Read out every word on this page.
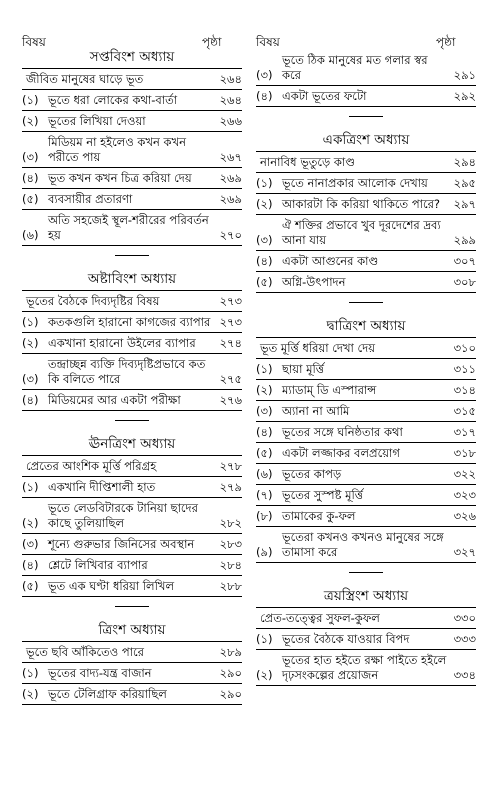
বিষয়	পৃষ্ঠা	বিষয়	পৃষ্ঠা
সপ্তবিংশ অধ্যায়
জীবিত মানুষের ঘাড়ে ভূত	২৬৪
(১) ভূতে ধরা লোকের কথা-বার্তা	২৬৪
(২) ভূতের লিখিয়া দেওয়া	২৬৬
(৩)
মিডিয়ম না হইলেও কখন কখন পরীতে পায়	২৬৭
(৪) ভূত কখন কখন চিত্র করিয়া দেয়	২৬৯
(৫) ব্যবসায়ীর প্রতারণা	২৬৯
(৬)
অতি সহজেই স্থূল-শরীরের পরিবর্তন হয়	২৭০
অষ্টাবিংশ অধ্যায়
ভূতের বৈঠকে দিব্যদৃষ্টির বিষয়	২৭৩
(১) কতকগুলি হারানো কাগজের ব্যাপার ২৭৩
(২) একখানা হারানো উইলের ব্যাপার	২৭৪
(৩)
তন্দ্রাচ্ছন্ন ব্যক্তি দিব্যদৃষ্টিপ্রভাবে কত কি বলিতে পারে	২৭৫
(৪) মিডিয়মের আর একটা পরীক্ষা	২৭৬
ঊনত্রিংশ অধ্যায়
প্রেতের আংশিক মূর্ত্তি পরিগ্রহ	২৭৮
(১) একখানি দীপ্তিশালী হাত	২৭৯
(২)
ভূতে লেডবিটারকে টানিয়া ছাদের কাছে তুলিয়াছিল	২৮২
(৩) শূন্যে গুরুভার জিনিসের অবস্থান	২৮৩
(৪) শ্লেটে লিখিবার ব্যাপার	২৮৪
(৫) ভূত এক ঘণ্টা ধরিয়া লিখিল	২৮৮
ত্রিংশ অধ্যায়
ভূতে ছবি আঁকিতেও পারে	২৮৯
(১) ভূতের বাদ্য-যন্ত্র বাজান	২৯০
(২) ভূতে টেলিগ্রাফ করিয়াছিল	২৯০
(৩)
ভূতে ঠিক মানুষের মত গলার স্বর করে	২৯১
(৪) একটা ভূতের ফটো	২৯২
একত্রিংশ অধ্যায়
নানাবিধ ভূতুড়ে কাণ্ড	২৯৪
(১) ভূতে নানাপ্রকার আলোক দেখায়	২৯৫
(২) আকারটা কি করিয়া থাকিতে পারে?	২৯৭
(৩)
ঐ শক্তির প্রভাবে খুব দূরদেশের দ্রব্য আনা যায়	২৯৯
(৪) একটা আগুনের কাণ্ড	৩০৭
(৫) অগ্নি-উৎপাদন	৩০৮
দ্বাত্রিংশ অধ্যায়
ভূত মূর্ত্তি ধরিয়া দেখা দেয়	৩১০
(১) ছায়া মূর্ত্তি	৩১১
(২) ম্যাডাম্ ডি এস্পারান্স	৩১৪
(৩) অ্যানা না আমি	৩১৫
(৪) ভূতের সঙ্গে ঘনিষ্ঠতার কথা	৩১৭
(৫) একটা লজ্জাকর বলপ্রয়োগ	৩১৮
(৬) ভূতের কাপড়	৩২২
(৭) ভূতের সুস্পষ্ট মূর্ত্তি	৩২৩
(৮) তামাকের কু-ফল	৩২৬
(৯)
ভূতেরা কখনও কখনও মানুষের সঙ্গে তামাসা করে	৩২৭
ত্রয়স্ত্রিংশ অধ্যায়
প্রেত-তত্ত্বের সুফল-কুফল	৩৩০
(১) ভূতের বৈঠকে যাওয়ার বিপদ	৩৩৩
(২)
ভূতের হাত হইতে রক্ষা পাইতে হইলে দৃঢ়সংকল্পের প্রয়োজন	৩৩৪
